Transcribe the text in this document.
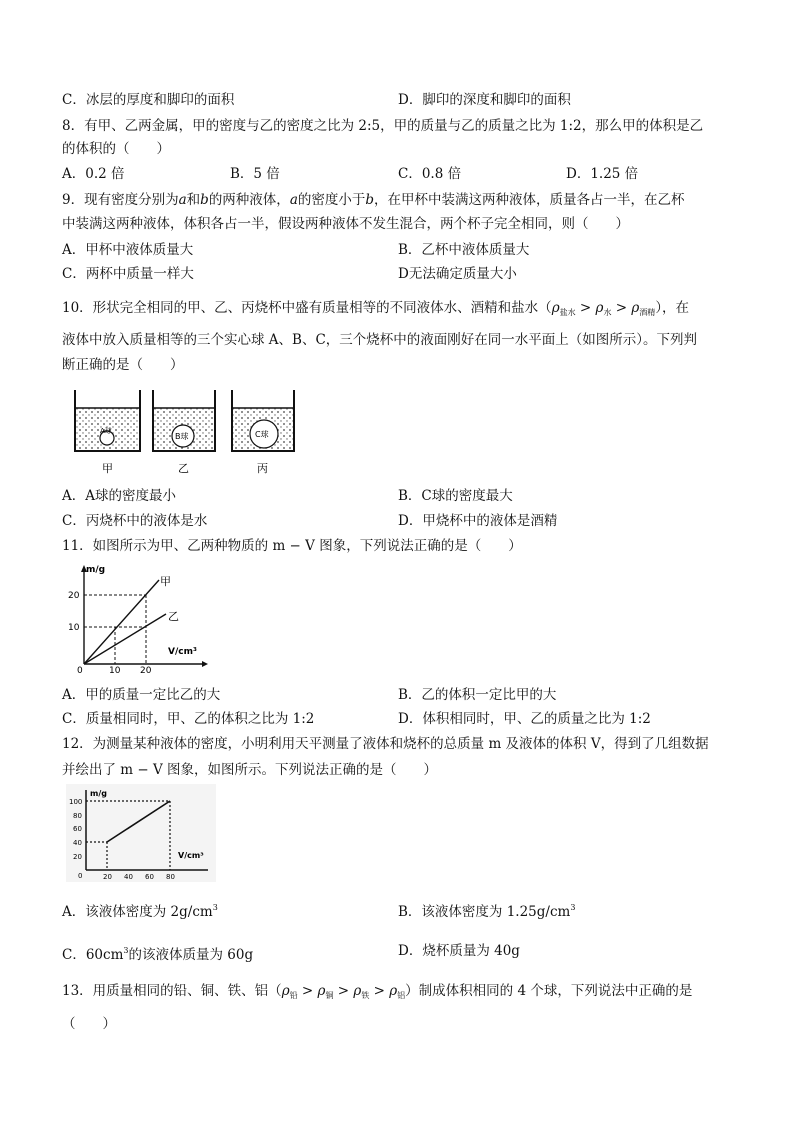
C．冰层的厚度和脚印的面积	D．脚印的深度和脚印的面积
8．有甲、乙两金属，甲的密度与乙的密度之比为 2:5，甲的质量与乙的质量之比为 1:2，那么甲的体积是乙
的体积的（　　）
A．0.2 倍	B．5 倍	C．0.8 倍	D．1.25 倍
9．现有密度分别为a和b的两种液体，a的密度小于b，在甲杯中装满这两种液体，质量各占一半，在乙杯
中装满这两种液体，体积各占一半，假设两种液体不发生混合，两个杯子完全相同，则（　　）
A．甲杯中液体质量大	B．乙杯中液体质量大
C．两杯中质量一样大	D无法确定质量大小
10．形状完全相同的甲、乙、丙烧杯中盛有质量相等的不同液体水、酒精和盐水$(\rho_{盐水} > \rho_水 > \rho_{酒精})$，在
液体中放入质量相等的三个实心球 A、B、C，三个烧杯中的液面刚好在同一水平面上（如图所示）。下列判
断正确的是（　　）
A球
B球	C球
甲	乙	丙
A．A球的密度最小	B．C球的密度最大
C．丙烧杯中的液体是水	D．甲烧杯中的液体是酒精
11．如图所示为甲、乙两种物质的 m − V 图象，下列说法正确的是（　　）
甲
乙
m/g
V/cm³
20
10
0	10 20
A．甲的质量一定比乙的大	B．乙的体积一定比甲的大
C．质量相同时，甲、乙的体积之比为 1:2	D．体积相同时，甲、乙的质量之比为 1:2
12．为测量某种液体的密度，小明利用天平测量了液体和烧杯的总质量 m 及液体的体积 V，得到了几组数据
并绘出了 m − V 图象，如图所示。下列说法正确的是（　　）
m/g
V/cm³
100
80
60
40
20
0	20 40 60 80
A．该液体密度为 $2g/cm^3$	B．该液体密度为 $1.25g/cm^3$
C．$60cm^3$的该液体质量为 60g	D．烧杯质量为 40g
13．用质量相同的铅、铜、铁、铝$(\rho_铅 > \rho_铜 > \rho_铁 > \rho_铝)$制成体积相同的 4 个球，下列说法中正确的是
（　　）
